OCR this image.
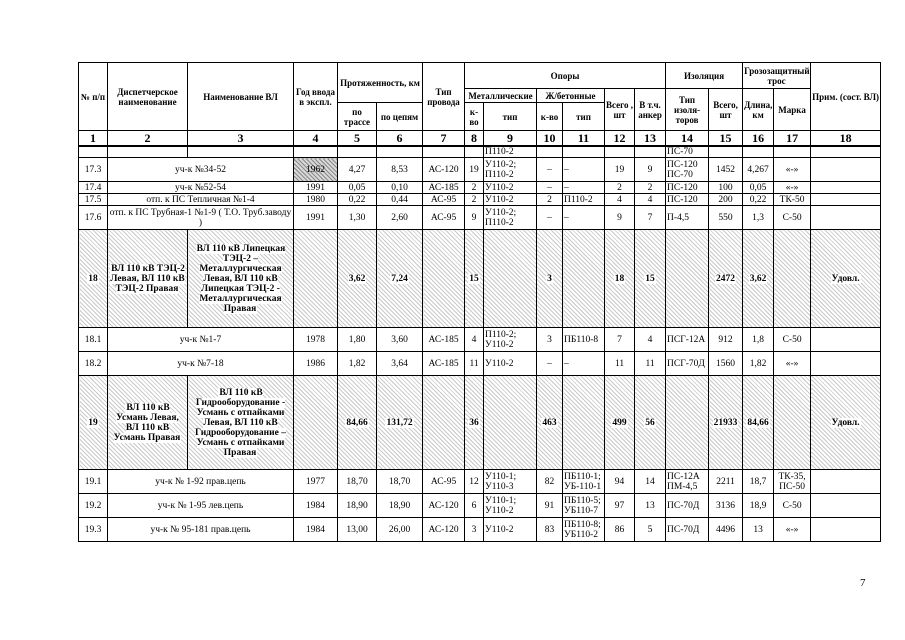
№ п/п	Диспетчерское наименование	Наименование ВЛ	Год ввода в экспл.	Протяженность, км		Тип провода	Опоры						Изоляция		Грозозащитный трос		Прим. (сост. ВЛ)
							Металлические		Ж/бетонные		Всего , шт	В т.ч. анкер	Тип изоля-торов	Всего, шт	Длина, км	Марка	
				по трассе	по цепям		к-во	тип	к-во	тип							
1	2	3	4	5	6	7	8	9	10	11	12	13	14	15	16	17	18
								П110-2					ПС-70				
17.3	уч-к №34-52		1962	4,27	8,53	АС-120	19	У110-2; П110-2	–	–	19	9	ПС-120 ПС-70	1452	4,267	«-»	
17.4	уч-к №52-54		1991	0,05	0,10	АС-185	2	У110-2	–	–	2	2	ПС-120	100	0,05	«-»	
17.5	отп. к ПС Тепличная №1-4		1980	0,22	0,44	АС-95	2	У110-2	2	П110-2	4	4	ПС-120	200	0,22	ТК-50	
17.6	отп. к ПС Трубная-1 №1-9 ( Т.О. Труб.заводу )		1991	1,30	2,60	АС-95	9	У110-2; П110-2	–	–	9	7	П-4,5	550	1,3	С-50	
18	ВЛ 110 кВ ТЭЦ-2 Левая, ВЛ 110 кВ ТЭЦ-2 Правая	ВЛ 110 кВ Липецкая ТЭЦ-2 – Металлургическая Левая, ВЛ 110 кВ Липецкая ТЭЦ-2 - Металлургическая Правая		3,62	7,24		15		3		18	15		2472	3,62		Удовл.
18.1	уч-к №1-7		1978	1,80	3,60	АС-185	4	П110-2; У110-2	3	ПБ110-8	7	4	ПСГ-12А	912	1,8	С-50	
18.2	уч-к №7-18		1986	1,82	3,64	АС-185	11	У110-2	–	–	11	11	ПСГ-70Д	1560	1,82	«-»	
19	ВЛ 110 кВ Усмань Левая, ВЛ 110 кВ Усмань Правая	ВЛ 110 кВ Гидрооборудование - Усмань с отпайками Левая, ВЛ 110 кВ Гидрооборудование – Усмань с отпайками Правая		84,66	131,72		36		463		499	56		21933	84,66		Удовл.
19.1	уч-к № 1-92 прав.цепь		1977	18,70	18,70	АС-95	12	У110-1; У110-3	82	ПБ110-1; УБ-110-1	94	14	ПС-12А ПМ-4,5	2211	18,7	ТК-35, ПС-50	
19.2	уч-к № 1-95 лев.цепь		1984	18,90	18,90	АС-120	6	У110-1; У110-2	91	ПБ110-5; УБ110-7	97	13	ПС-70Д	3136	18,9	С-50	
19.3	уч-к № 95-181 прав.цепь		1984	13,00	26,00	АС-120	3	У110-2	83	ПБ110-8; УБ110-2	86	5	ПС-70Д	4496	13	«-»	
7
